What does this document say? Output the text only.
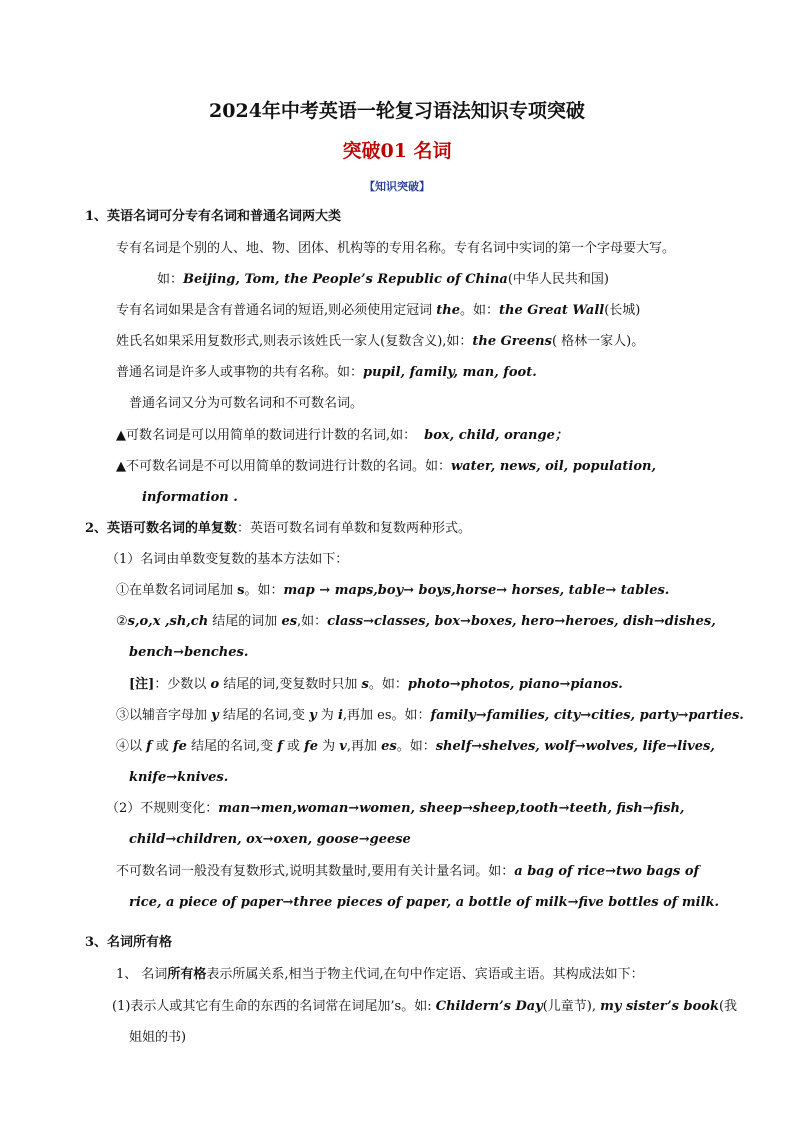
2024年中考英语一轮复习语法知识专项突破
突破01 名词
【知识突破】
1、英语名词可分专有名词和普通名词两大类
专有名词是个别的人、地、物、团体、机构等的专用名称。专有名词中实词的第一个字母要大写。
如：Beijing, Tom, the People’s Republic of China(中华人民共和国)
专有名词如果是含有普通名词的短语,则必须使用定冠词 the。如：the Great Wall(长城)
姓氏名如果采用复数形式,则表示该姓氏一家人(复数含义),如：the Greens( 格林一家人)。
普通名词是许多人或事物的共有名称。如：pupil, family, man, foot.
普通名词又分为可数名词和不可数名词。
▲可数名词是可以用简单的数词进行计数的名词,如： box, child, orange；
▲不可数名词是不可以用简单的数词进行计数的名词。如：water, news, oil, population,
information .
2、英语可数名词的单复数：英语可数名词有单数和复数两种形式。
（1）名词由单数变复数的基本方法如下：
①在单数名词词尾加 s。如：map → maps,boy→ boys,horse→ horses, table→ tables.
②s,o,x ,sh,ch 结尾的词加 es,如：class→classes, box→boxes, hero→heroes, dish→dishes,
bench→benches.
[注]：少数以 o 结尾的词,变复数时只加 s。如：photo→photos, piano→pianos.
③以辅音字母加 y 结尾的名词,变 y 为 i,再加 es。如：family→families, city→cities, party→parties.
④以 f 或 fe 结尾的名词,变 f 或 fe 为 v,再加 es。如：shelf→shelves, wolf→wolves, life→lives,
knife→knives.
（2）不规则变化：man→men,woman→women, sheep→sheep,tooth→teeth, fish→fish,
child→children, ox→oxen, goose→geese
不可数名词一般没有复数形式,说明其数量时,要用有关计量名词。如：a bag of rice→two bags of
rice, a piece of paper→three pieces of paper, a bottle of milk→five bottles of milk.
3、名词所有格
1、 名词所有格表示所属关系,相当于物主代词,在句中作定语、宾语或主语。其构成法如下：
(1)表示人或其它有生命的东西的名词常在词尾加’s。如: Childern’s Day(儿童节), my sister’s book(我
姐姐的书)
